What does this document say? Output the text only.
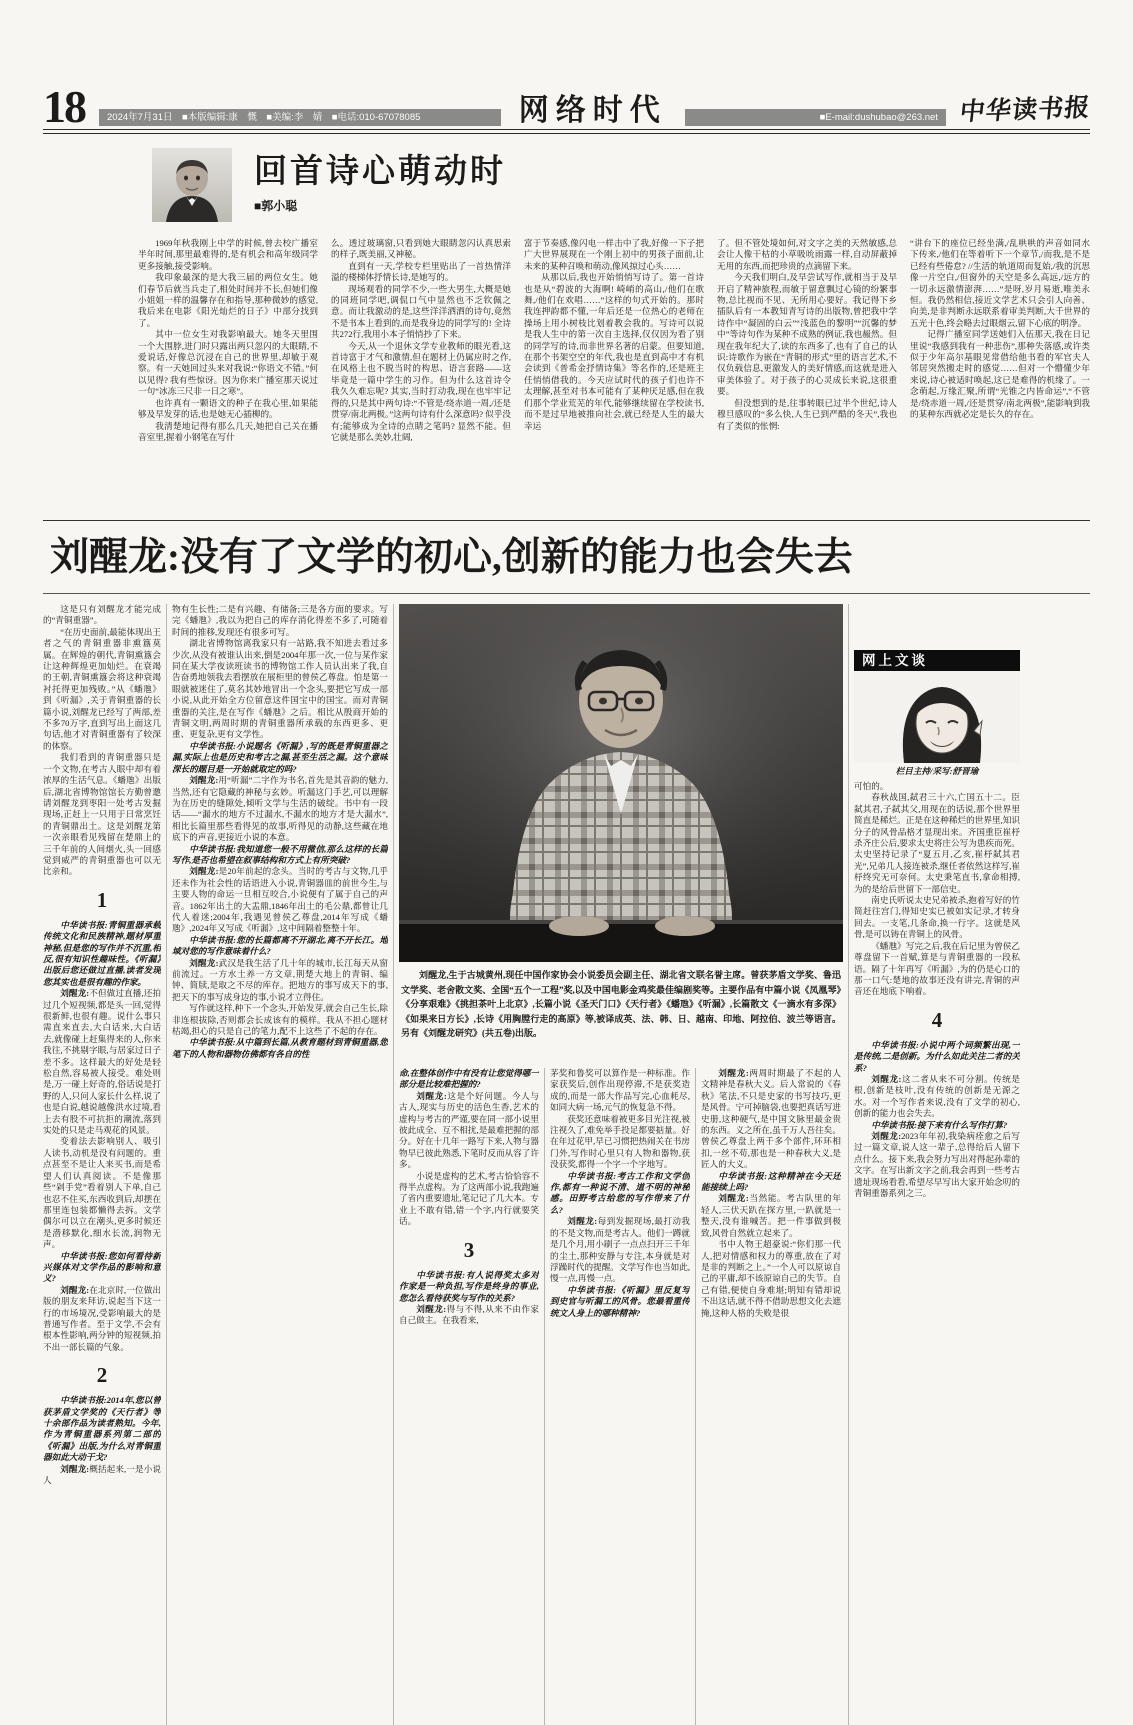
18	2024年7月31日　■本版编辑:康　慨　■美编:李　婧　■电话:010-67078085	网络时代	■E-mail:dushubao@263.net 中华读书报
回首诗心萌动时
■郭小聪
1969年秋我刚上中学的时候,曾去校广播室半年时间,那里最难得的,是有机会和高年级同学更多接触,接受影响。
我印象最深的是大我三届的两位女生。她们春节后就当兵走了,相处时间并不长,但她们像小姐姐一样的温馨存在和指导,那种微妙的感觉,我后来在电影《阳光灿烂的日子》中部分找到了。
其中一位女生对我影响最大。她冬天里围一个大围脖,进门时只露出两只忽闪的大眼睛,不爱说话,好像总沉浸在自己的世界里,却敏于观察。有一天她回过头来对我说:“你语文不错。”何以见得? 我有些惊讶。因为你来广播室那天说过一句“冰冻三尺非一日之寒”。
也许真有一颗语文的种子在我心里,如果能够及早发芽的话,也是她无心插柳的。
我清楚地记得有那么几天,她把自己关在播音室里,握着小钢笔在写什
么。透过玻璃窗,只看到她大眼睛忽闪认真思索的样子,既美丽,又神秘。
直到有一天,学校专栏里贴出了一首热情洋溢的楼梯体抒情长诗,是她写的。
现场观看的同学不少,一些大男生,大概是她的同班同学吧,调侃口气中显然也不乏钦佩之意。而让我激动的是,这些洋洋洒洒的诗句,竟然不是书本上看到的,而是我身边的同学写的! 全诗共272行,我用小本子悄悄抄了下来。
今天,从一个退休文学专业教师的眼光看,这首诗富于才气和激情,但在题材上仍属应时之作,在风格上也不脱当时的构思、语言套路——这毕竟是一篇中学生的习作。但为什么这首诗令我久久难忘呢? 其实,当时打动我,现在也牢牢记得的,只是其中两句诗:“不管是/绕赤道一周,/还是贯穿/南北两极。”这两句诗有什么深意吗? 似乎没有;能够成为全诗的点睛之笔吗? 显然不能。但它就是那么美妙,壮阔,
富于节奏感,像闪电一样击中了我,好像一下子把广大世界展现在一个刚上初中的男孩子面前,让未来的某种召唤和萌动,像风掠过心头……
从那以后,我也开始悄悄写诗了。第一首诗也是从“碧波的大海啊! 崎峭的高山,/他们在歌舞,/他们在欢唱……”这样的句式开始的。那时我连押韵都不懂,一年后还是一位热心的老师在操场上用小树枝比划着教会我的。写诗可以说是我人生中的第一次自主选择,仅仅因为看了别的同学写的诗,而非世界名著的启蒙。但要知道,在那个书架空空的年代,我也是直到高中才有机会读到《普希金抒情诗集》等名作的,还是班主任悄悄借我的。今天应试时代的孩子们也许不太理解,甚至对书本可能有了某种厌足感,但在我们那个学业荒芜的年代,能够继续留在学校读书,而不是过早地被推向社会,就已经是人生的最大幸运
了。但不管处境如何,对文字之美的天然敏感,总会让人像干枯的小草吸吮雨露一样,自动屏蔽掉无用的东西,而把珍贵的点滴留下来。
今天我们明白,及早尝试写作,就相当于及早开启了精神旅程,而敏于留意飘过心镜的纷繁事物,总比视而不见、无所用心要好。我记得下乡插队后有一本教知青写诗的出版物,曾把我中学诗作中“凝固的白云”“浅蓝色的黎明”“沉馨的梦中”等诗句作为某种不成熟的例证,我也赧然。但现在我年纪大了,读的东西多了,也有了自己的认识:诗歌作为嵌在“青铜的形式”里的语言艺术,不仅负载信息,更激发人的美好情感,而这就是进入审美体验了。对于孩子的心灵成长来说,这很重要。
但没想到的是,往事转眼已过半个世纪,诗人穆旦感叹的“多么快,人生已到严酷的冬天”,我也有了类似的怅惘:
“讲台下的座位已经坐满,/乱哄哄的声音如同水下传来,/他们在等着听下一个章节,/而我,是不是已经有些倦怠? //生活的轨道周而复始,/我的沉思像一片空白,/但窗外的天空是多么高远,/远方的一切永远激情澎湃……”是呀,岁月易逝,唯美永恒。我仍然相信,接近文学艺术只会引人向善、向美,是非判断永远联系着审美判断,大千世界的五光十色,终会略去过眼烟云,留下心底的明净。
记得广播室同学送她们入伍那天,我在日记里说“我感到我有一种悲伤”,那种失落感,或许类似于少年高尔基眼见常借给他书看的军官夫人邻居突然搬走时的感觉……但对一个懵懂少年来说,诗心被适时唤起,这已是难得的机缘了。一念萌起,万缘汇聚,所谓“光锥之内皆命运”,“不管是/绕赤道一周,/还是贯穿/南北两极”,能影响到我的某种东西就必定是长久的存在。
刘醒龙:没有了文学的初心,创新的能力也会失去
这是只有刘醒龙才能完成的“青铜重器”。
“在历史面前,最能体现出王者之气的青铜重器非熏簋莫属。在辉煌的朝代,青铜熏簋会让这种辉煌更加灿烂。在衰竭的王朝,青铜熏簋会将这种衰竭衬托得更加残败。”从《蟠虺》到《听漏》,关于青铜重器的长篇小说,刘醒龙已经写了两部,差不多70万字,直到写出上面这几句话,他才对青铜重器有了较深的体察。
我们看到的青铜重器只是一个文物,在考古人眼中却有着浓厚的生活气息。《蟠虺》出版后,湖北省博物馆馆长方勤曾邀请刘醒龙到枣阳一处考古发掘现场,正赶上一只用于日常烹饪的青铜鼎出土。这是刘醒龙第一次亲眼看见残留在楚鼎上的三千年前的人间烟火,头一回感觉到威严的青铜重器也可以无比亲和。
1
中华读书报:青铜重器承载传统文化和民族精神,题材厚重神秘,但是您的写作并不沉重,相反,很有知识性趣味性。《听漏》出版后您还做过直播,读者发现您其实也是很有趣的作家。
刘醒龙:不但做过直播,还拍过几个短视频,都是头一回,觉得很新鲜,也很有趣。说什么事只需直来直去,大白话来,大白话去,就像碰上赶集得来的人,你来我往,不挑剔字眼,与居家过日子差不多。这样最大的好处是轻松自然,容易被人接受。难处则是,万一碰上好奇的,俗话说是打野的人,只问人家长什么样,说了也是白说,越说越像洪水过境,看上去有股不可抗拒的潮流,落到实处的只是走马观花的风景。
变着法去影响别人、吸引人读书,动机是没有问题的。重点甚至不是让人来买书,而是希望人们认真阅读。不是像那些“剁手党”看着别人下单,自己也忍不住买,东西收到后,却摆在那里连包装都懒得去拆。文学偶尔可以立在潮头,更多时候还是潜移默化,细水长流,润物无声。
中华读书报:您如何看待新兴媒体对文学作品的影响和意义?
刘醒龙:在北京时,一位做出版的朋友来拜访,说起当下这一行的市场境况,受影响最大的是普通写作者。至于文学,不会有根本性影响,两分钟的短视频,拍不出一部长篇的气象。
2
中华读书报:2014年,您以曾获茅盾文学奖的《天行者》等十余部作品为读者熟知。今年,作为青铜重器系列第二部的《听漏》出版,为什么对青铜重器如此大动干戈?
刘醒龙:概括起来,一是小说人
物有生长性;二是有兴趣、有储备;三是各方面的要求。写完《蟠虺》,我以为把自己的库存消化得差不多了,可随着时间的推移,发现还有很多可写。
湖北省博物馆离我家只有一站路,我不知进去看过多少次,从没有被谁认出来,倒是2004年那一次,一位与某作家同在某大学夜读班读书的博物馆工作人员认出来了我,自告奋勇地领我去看摆放在展柜里的曾侯乙尊盘。怕是第一眼就被迷住了,莫名其妙地冒出一个念头,要把它写成一部小说,从此开始全方位留意这件国宝中的国宝。而对青铜重器的关注,是在写作《蟠虺》之后。相比从殷商开始的青铜文明,两周时期的青铜重器所承载的东西更多、更重、更复杂,更有文学性。
中华读书报:小说题名《听漏》,写的既是青铜重器之漏,实际上也是历史和考古之漏,甚至生活之漏。这个意味深长的题目是一开始就取定的吗?
刘醒龙:用“听漏”二字作为书名,首先是其音韵的魅力,当然,还有它隐藏的神秘与玄妙。听漏这门手艺,可以理解为在历史的缝隙处,倾听文学与生活的破绽。书中有一段话——“漏水的地方不过漏水,不漏水的地方才是大漏水”,相比长篇里那些看得见的故事,听得见的动静,这些藏在地底下的声音,更接近小说的本意。
中华读书报:我知道您一般不用微信,那么这样的长篇写作,是否也希望在叙事结构和方式上有所突破?
刘醒龙:是20年前起的念头。当时的考古与文物,几乎还未作为社会性的话语进入小说,青铜器皿的前世今生,与主要人物的命运一旦相互咬合,小说便有了属于自己的声音。1862年出土的大盂鼎,1846年出土的毛公鼎,都曾让几代人着迷;2004年,我遇见曾侯乙尊盘,2014年写成《蟠虺》,2024年又写成《听漏》,这中间隔着整整十年。
中华读书报:您的长篇都离不开湖北,离不开长江。地域对您的写作意味着什么?
刘醒龙:武汉是我生活了几十年的城市,长江每天从窗前流过。一方水土养一方文章,荆楚大地上的青铜、编钟、简牍,是取之不尽的库存。把地方的事写成天下的事,把天下的事写成身边的事,小说才立得住。
写作就这样,种下一个念头,开始发芽,就会自己生长,除非连根拔除,否则都会长成该有的模样。我从不担心题材枯竭,担心的只是自己的笔力,配不上这些了不起的存在。
中华读书报:从中篇到长篇,从教育题材到青铜重器,您笔下的人物和器物仿佛都有各自的性
刘醒龙,生于古城黄州,现任中国作家协会小说委员会副主任、湖北省文联名誉主席。曾获茅盾文学奖、鲁迅文学奖、老舍散文奖、全国“五个一工程”奖,以及中国电影金鸡奖最佳编剧奖等。主要作品有中篇小说《凤凰琴》《分享艰难》《挑担茶叶上北京》,长篇小说《圣天门口》《天行者》《蟠虺》《听漏》,长篇散文《一滴水有多深》《如果来日方长》,长诗《用胸膛行走的高原》等,被译成英、法、韩、日、越南、印地、阿拉伯、波兰等语言。另有《刘醒龙研究》(共五卷)出版。
命,在整体创作中有没有让您觉得哪一部分是比较难把握的?
刘醒龙:这是个好问题。今人与古人,现实与历史的活色生香,艺术的虚构与考古的严谨,要在同一部小说里彼此成全、互不相扰,是最难把握的部分。好在十几年一路写下来,人物与器物早已彼此熟悉,下笔时反而从容了许多。
小说是虚构的艺术,考古恰恰容不得半点虚构。为了这两部小说,我跑遍了省内重要遗址,笔记记了几大本。专业上不敢有错,错一个字,内行就要笑话。
3
中华读书报:有人说得奖太多对作家是一种负担,写作是终身的事业,您怎么看待获奖与写作的关系?
刘醒龙:得与不得,从来不由作家自己做主。在我看来,
茅奖和鲁奖可以算作是一种标准。作家获奖后,创作出现停滞,不是获奖造成的,而是一部大作品写完,心血耗尽,如同大病一场,元气的恢复急不得。
获奖还意味着被更多目光注视,被注视久了,难免举手投足都要掂量。好在年过花甲,早已习惯把热闹关在书房门外,写作时心里只有人物和器物,获没获奖,都得一个字一个字地写。
中华读书报:考古工作和文学创作,都有一种说不清、道不明的神秘感。田野考古给您的写作带来了什么?
刘醒龙:每到发掘现场,最打动我的不是文物,而是考古人。他们一蹲就是几个月,用小刷子一点点扫开三千年的尘土,那种安静与专注,本身就是对浮躁时代的提醒。文学写作也当如此,慢一点,再慢一点。
中华读书报:《听漏》里反复写到史官与听漏工的风骨。您最看重传统文人身上的哪种精神?
刘醒龙:两周时期最了不起的人文精神是春秋大义。后人常说的《春秋》笔法,不只是史家的书写技巧,更是风骨。宁可掉脑袋,也要把真话写进史册,这种硬气,是中国文脉里最金贵的东西。义之所在,虽千万人吾往矣。曾侯乙尊盘上两千多个部件,环环相扣,一丝不苟,那也是一种春秋大义,是匠人的大义。
中华读书报:这种精神在今天还能接续上吗?
刘醒龙:当然能。考古队里的年轻人,三伏天趴在探方里,一趴就是一整天,没有谁喊苦。把一件事做到极致,风骨自然就立起来了。
书中人物王超豪说:“你们那一代人,把对情感和权力的尊重,放在了对是非的判断之上。”一个人可以原谅自己的平庸,却不该原谅自己的失节。自己有错,便使自身难堪;明知有错却说不出这话,就不得不借助思想文化去遮掩,这种人格的失败是很
网上文谈
栏目主持/采写:舒晋瑜
可怕的。
春秋战国,弑君三十六,亡国五十二。臣弑其君,子弑其父,用现在的话说,那个世界里简直是稀烂。正是在这种稀烂的世界里,知识分子的风骨品格才显现出来。齐国重臣崔杼杀齐庄公后,要求太史将庄公写为患疾而死。太史坚持记录了“夏五月,乙亥,崔杼弑其君光”,兄弟几人接连被杀,继任者依然这样写,崔杼终究无可奈何。太史秉笔直书,拿命相搏,为的是给后世留下一部信史。
南史氏听说太史兄弟被杀,抱着写好的竹简赶往宫门,得知史实已被如实记录,才转身回去。一支笔,几条命,换一行字。这就是风骨,是可以铸在青铜上的风骨。
《蟠虺》写完之后,我在后记里为曾侯乙尊盘留下一首赋,算是与青铜重器的一段私语。隔了十年再写《听漏》,为的仍是心口的那一口气:楚地的故事还没有讲完,青铜的声音还在地底下响着。
4
中华读书报:小说中两个词频繁出现,一是传统,二是创新。为什么如此关注二者的关系?
刘醒龙:这二者从来不可分割。传统是根,创新是枝叶,没有传统的创新是无源之水。对一个写作者来说,没有了文学的初心,创新的能力也会失去。
中华读书报:接下来有什么写作打算?
刘醒龙:2023年年初,我染病痊愈之后写过一篇文章,说人这一辈子,总得给后人留下点什么。接下来,我会努力写出对得起孙辈的文字。在写出新文字之前,我会再到一些考古遗址现场看看,希望尽早写出大家开始念叨的青铜重器系列之三。
